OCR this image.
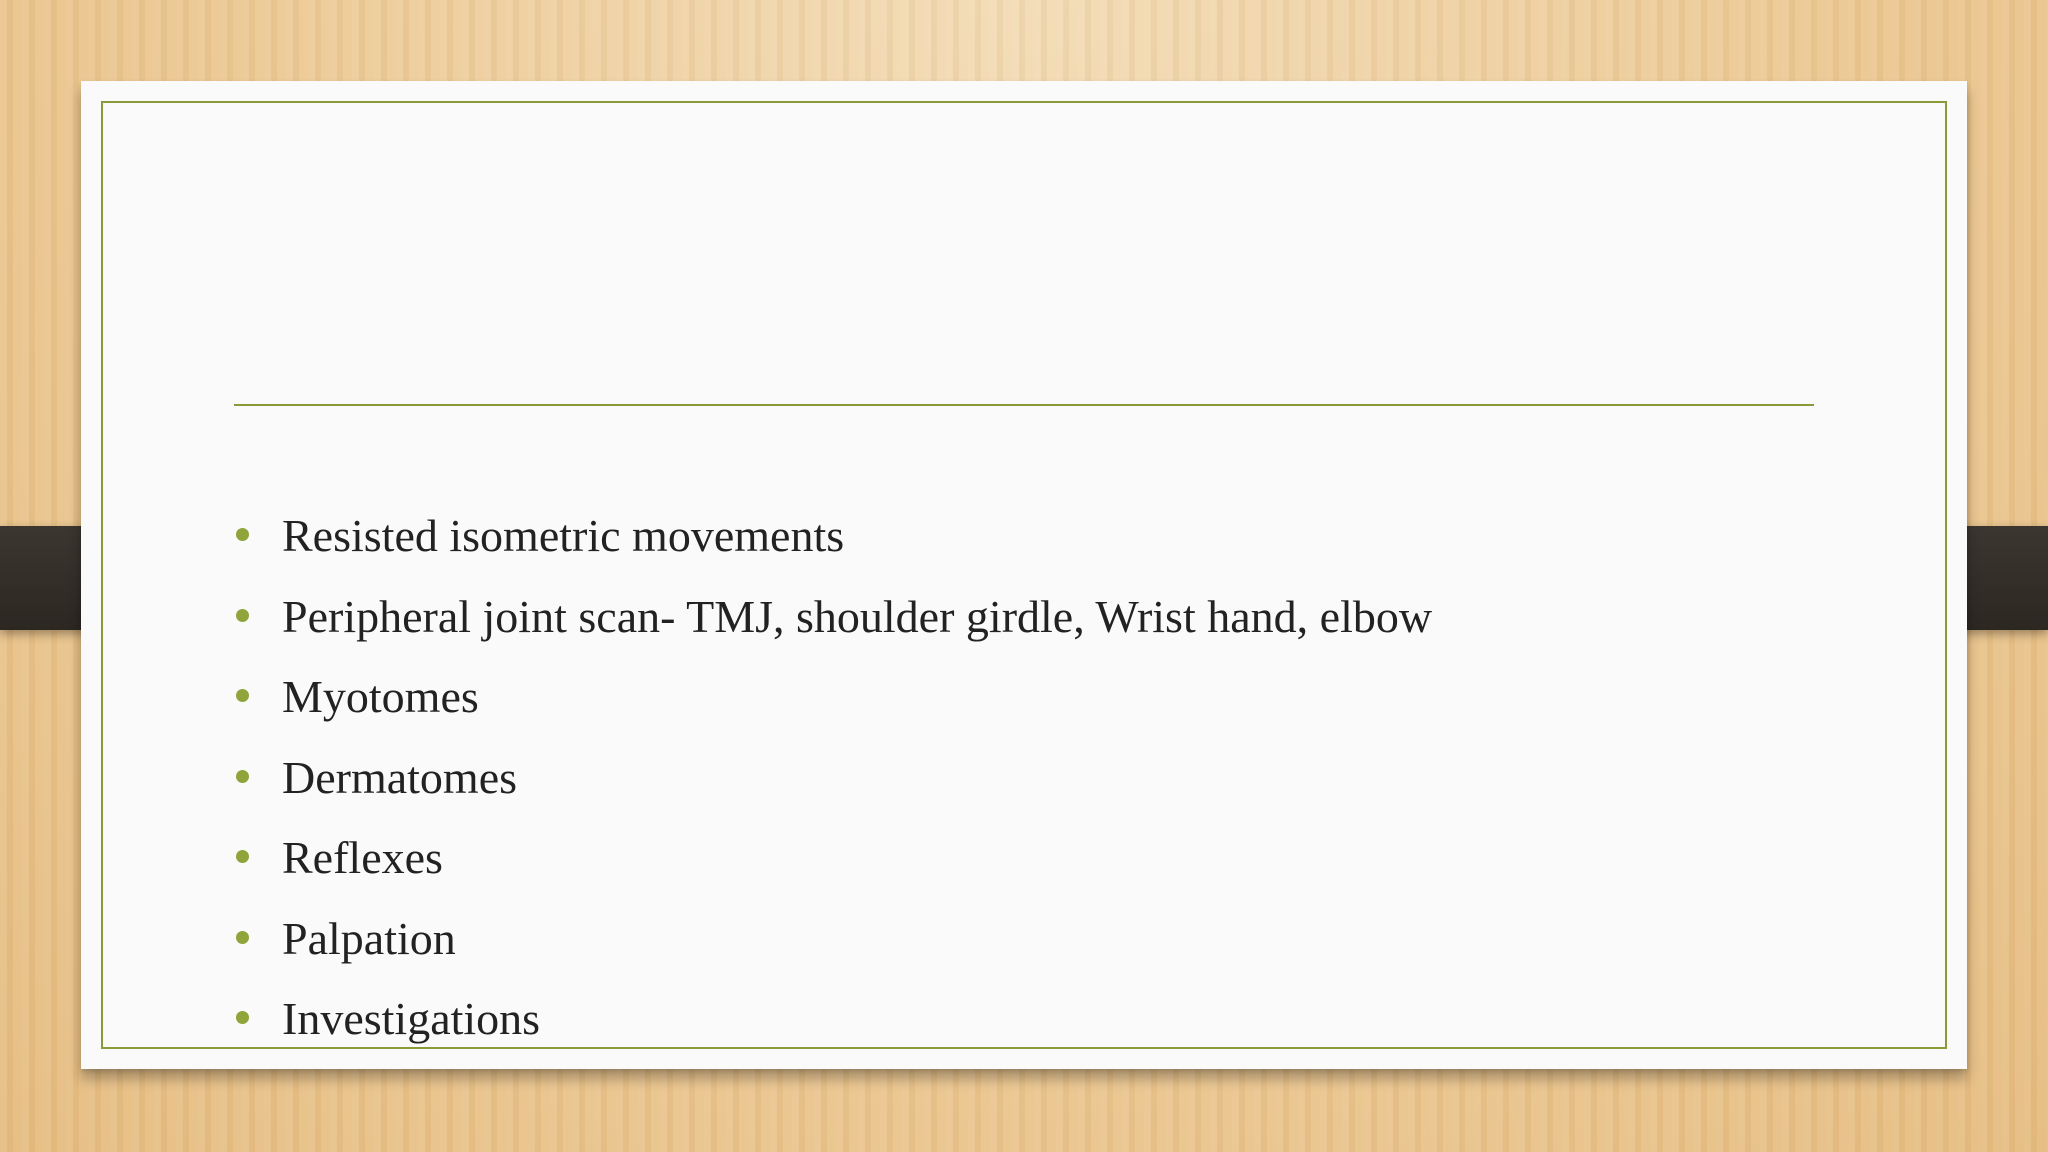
Resisted isometric movements
Peripheral joint scan- TMJ, shoulder girdle, Wrist hand, elbow
Myotomes
Dermatomes
Reflexes
Palpation
Investigations
